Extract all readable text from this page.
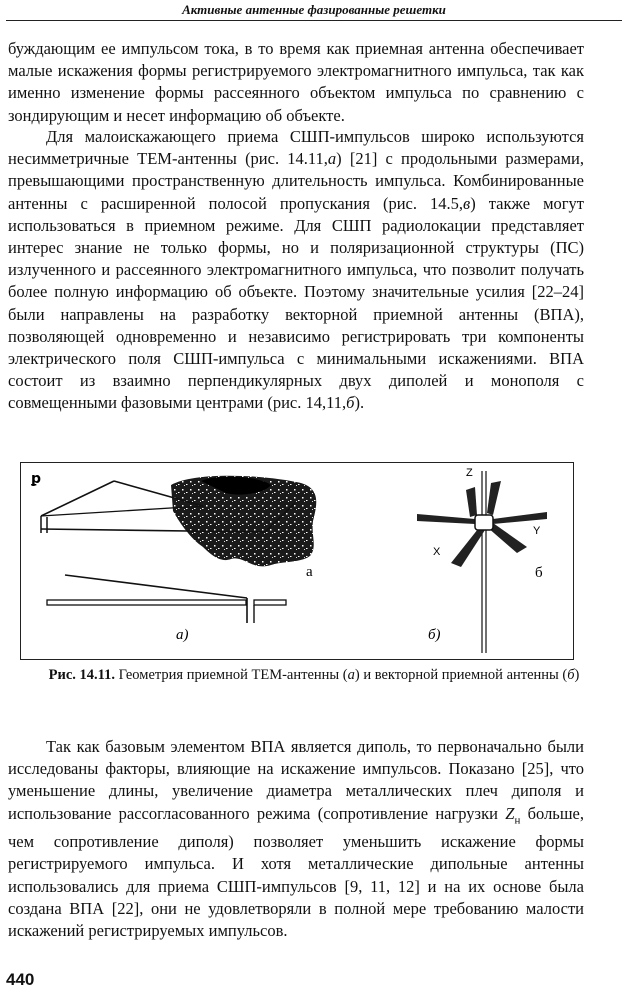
Активные антенные фазированные решетки

буждающим ее импульсом тока, в то время как приемная антенна обеспечивает малые искажения формы регистрируемого электромагнитного импульса, так как именно изменение формы рассеянного объектом импульса по сравнению с зондирующим и несет информацию об объекте.

Для малоискажающего приема СШП-импульсов широко используются несимметричные ТЕМ-антенны (рис. 14.11,а) [21] с продольными размерами, превышающими пространственную длительность импульса. Комбинированные антенны с расширенной полосой пропускания (рис. 14.5,в) также могут использоваться в приемном режиме. Для СШП радиолокации представляет интерес знание не только формы, но и поляризационной структуры (ПС) излученного и рассеянного электромагнитного импульса, что позволит получать более полную информацию об объекте. Поэтому значительные усилия [22–24] были направлены на разработку векторной приемной антенны (ВПА), позволяющей одновременно и независимо регистрировать три компоненты электрического поля СШП-импульса с минимальными искажениями. ВПА состоит из взаимно перпендикулярных двух диполей и монополя с совмещенными фазовыми центрами (рис. 14,11,б).

ꝑ
а
а)
Z
Y
X
б
б)
Рис. 14.11. Геометрия приемной ТЕМ-антенны (а) и векторной приемной антенны (б)

Так как базовым элементом ВПА является диполь, то первоначально были исследованы факторы, влияющие на искажение импульсов. Показано [25], что уменьшение длины, увеличение диаметра металлических плеч диполя и использование рассогласованного режима (сопротивление нагрузки $Z_н$ больше, чем сопротивление диполя) позволяет уменьшить искажение формы регистрируемого импульса. И хотя металлические дипольные антенны использовались для приема СШП-импульсов [9, 11, 12] и на их основе была создана ВПА [22], они не удовлетворяли в полной мере требованию малости искажений регистрируемых импульсов.

440
